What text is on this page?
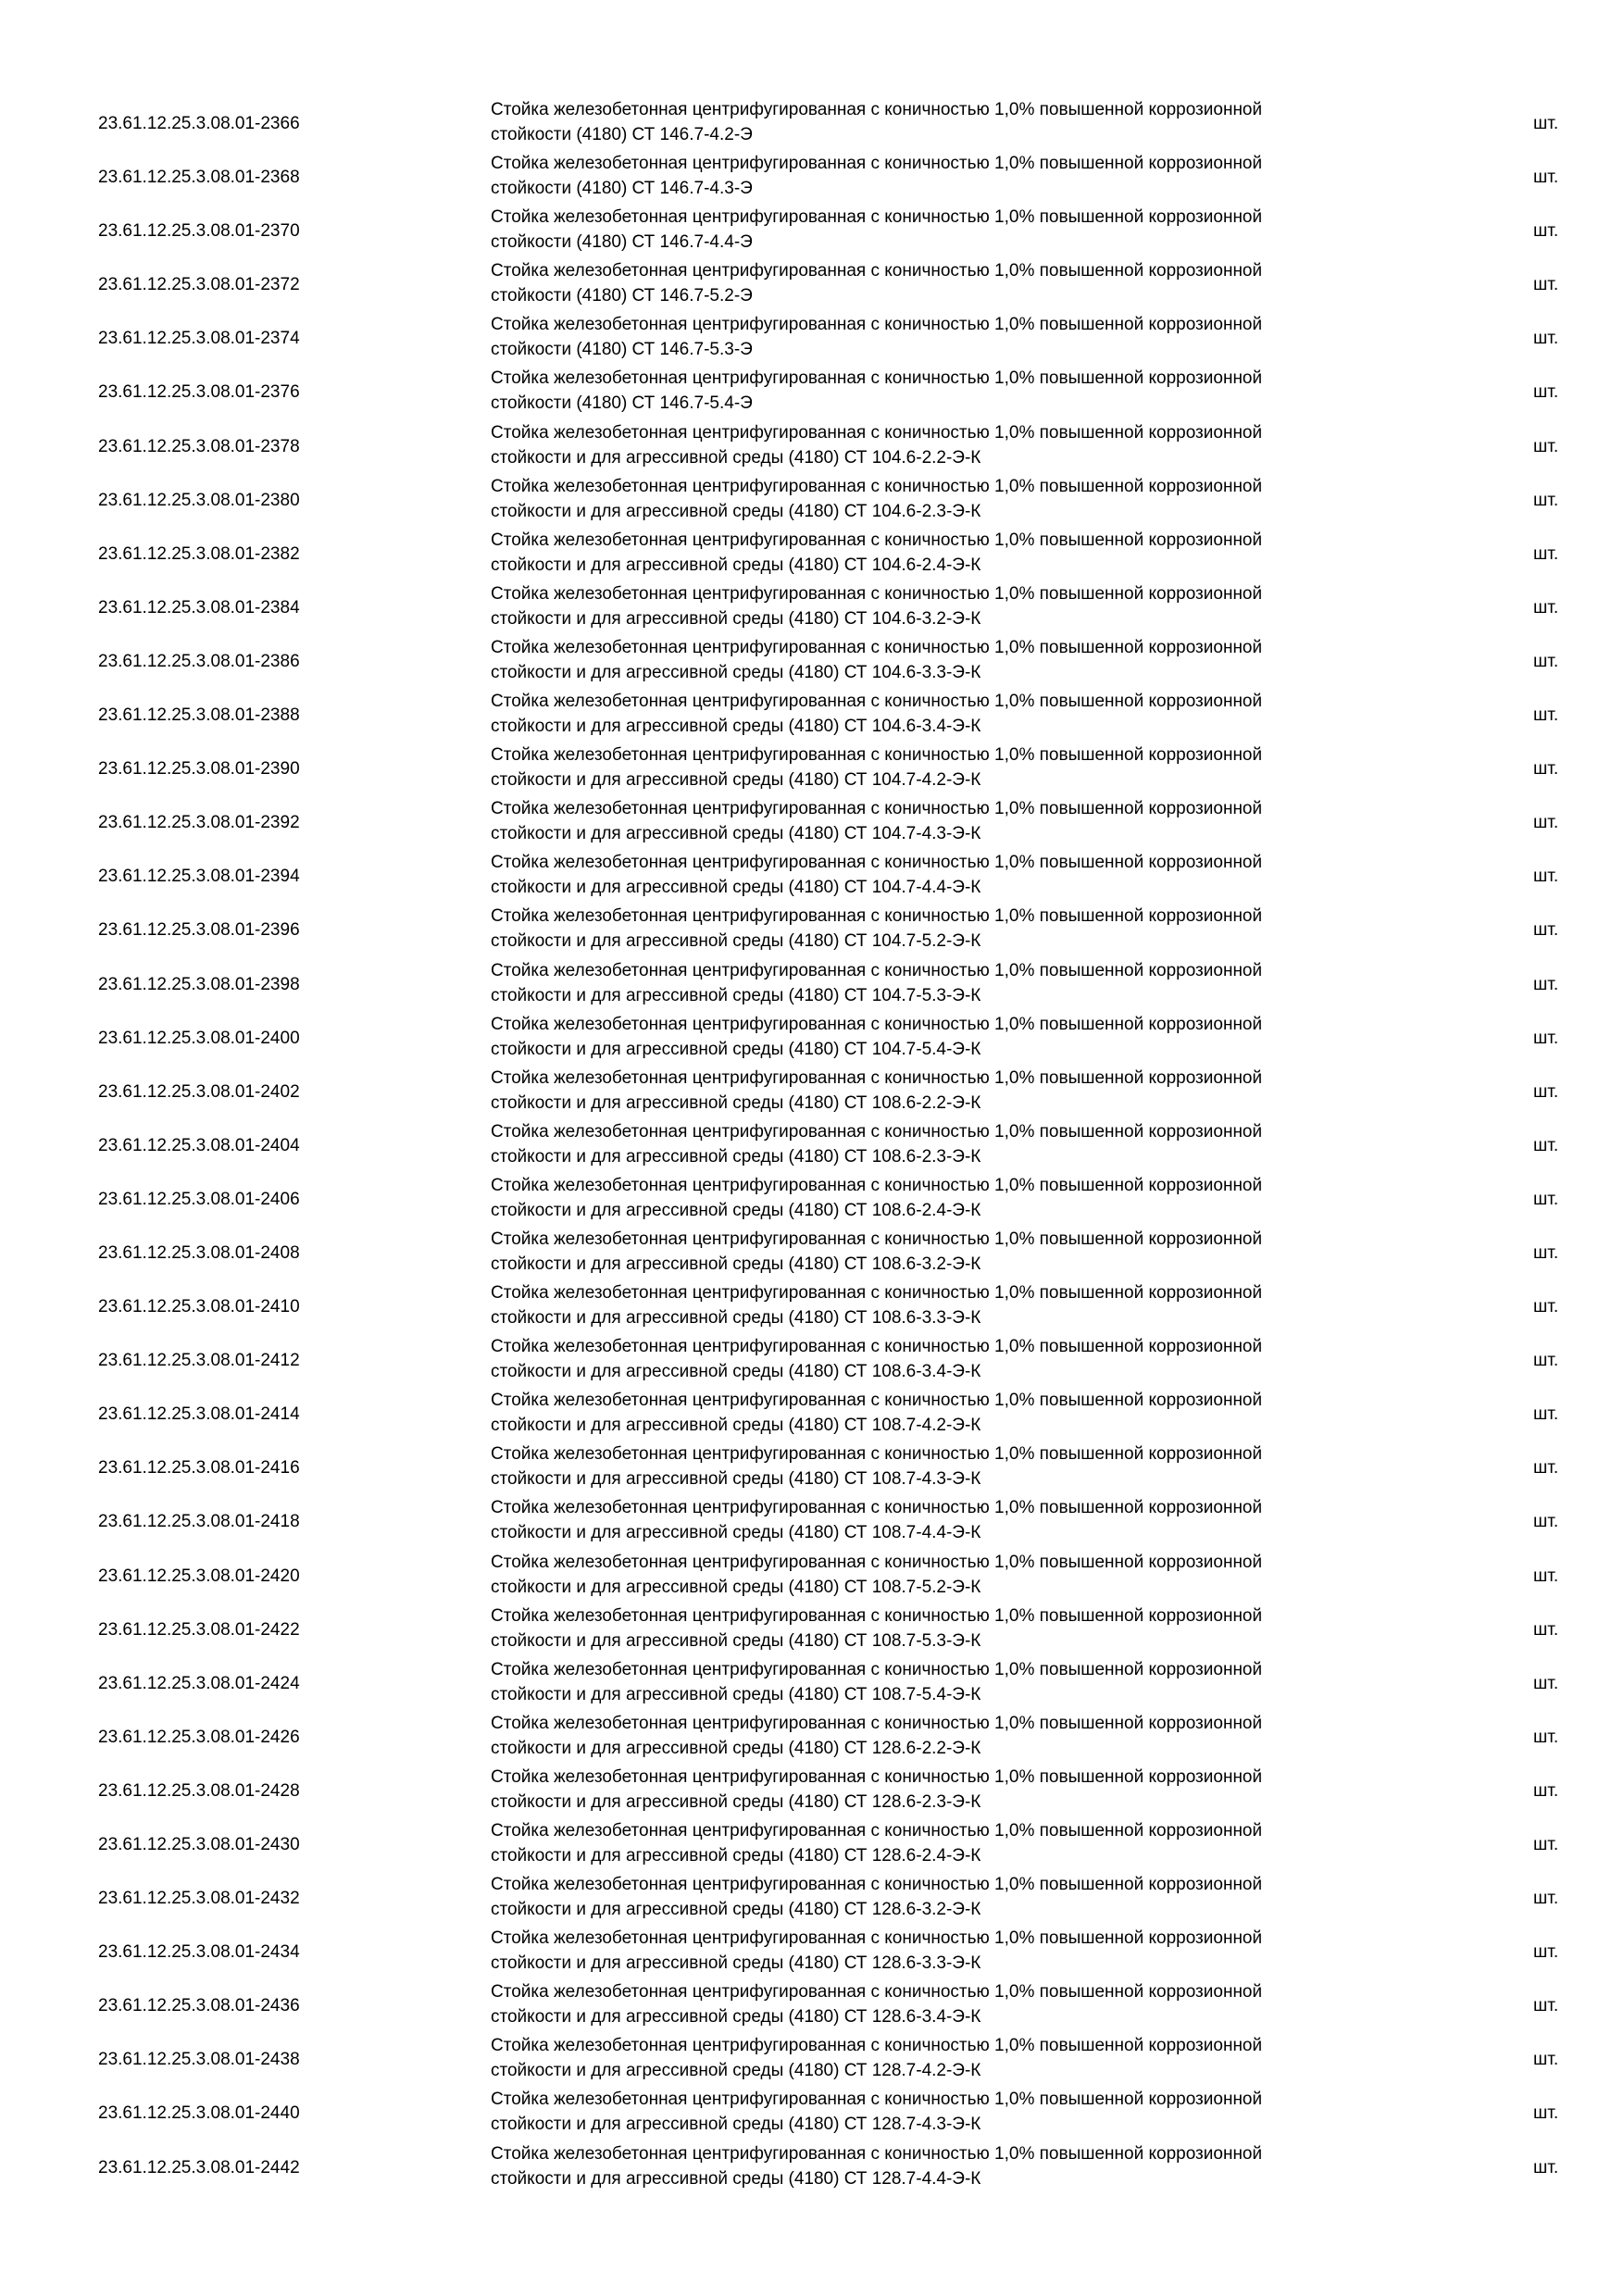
23.61.12.25.3.08.01-2366
Стойка железобетонная центрифугированная с коничностью 1,0% повышенной коррозионной
стойкости (4180) СТ 146.7-4.2-Э
шт.
23.61.12.25.3.08.01-2368
Стойка железобетонная центрифугированная с коничностью 1,0% повышенной коррозионной
стойкости (4180) СТ 146.7-4.3-Э
шт.
23.61.12.25.3.08.01-2370
Стойка железобетонная центрифугированная с коничностью 1,0% повышенной коррозионной
стойкости (4180) СТ 146.7-4.4-Э
шт.
23.61.12.25.3.08.01-2372
Стойка железобетонная центрифугированная с коничностью 1,0% повышенной коррозионной
стойкости (4180) СТ 146.7-5.2-Э
шт.
23.61.12.25.3.08.01-2374
Стойка железобетонная центрифугированная с коничностью 1,0% повышенной коррозионной
стойкости (4180) СТ 146.7-5.3-Э
шт.
23.61.12.25.3.08.01-2376
Стойка железобетонная центрифугированная с коничностью 1,0% повышенной коррозионной
стойкости (4180) СТ 146.7-5.4-Э
шт.
23.61.12.25.3.08.01-2378
Стойка железобетонная центрифугированная с коничностью 1,0% повышенной коррозионной
стойкости и для агрессивной среды (4180) СТ 104.6-2.2-Э-К
шт.
23.61.12.25.3.08.01-2380
Стойка железобетонная центрифугированная с коничностью 1,0% повышенной коррозионной
стойкости и для агрессивной среды (4180) СТ 104.6-2.3-Э-К
шт.
23.61.12.25.3.08.01-2382
Стойка железобетонная центрифугированная с коничностью 1,0% повышенной коррозионной
стойкости и для агрессивной среды (4180) СТ 104.6-2.4-Э-К
шт.
23.61.12.25.3.08.01-2384
Стойка железобетонная центрифугированная с коничностью 1,0% повышенной коррозионной
стойкости и для агрессивной среды (4180) СТ 104.6-3.2-Э-К
шт.
23.61.12.25.3.08.01-2386
Стойка железобетонная центрифугированная с коничностью 1,0% повышенной коррозионной
стойкости и для агрессивной среды (4180) СТ 104.6-3.3-Э-К
шт.
23.61.12.25.3.08.01-2388
Стойка железобетонная центрифугированная с коничностью 1,0% повышенной коррозионной
стойкости и для агрессивной среды (4180) СТ 104.6-3.4-Э-К
шт.
23.61.12.25.3.08.01-2390
Стойка железобетонная центрифугированная с коничностью 1,0% повышенной коррозионной
стойкости и для агрессивной среды (4180) СТ 104.7-4.2-Э-К
шт.
23.61.12.25.3.08.01-2392
Стойка железобетонная центрифугированная с коничностью 1,0% повышенной коррозионной
стойкости и для агрессивной среды (4180) СТ 104.7-4.3-Э-К
шт.
23.61.12.25.3.08.01-2394
Стойка железобетонная центрифугированная с коничностью 1,0% повышенной коррозионной
стойкости и для агрессивной среды (4180) СТ 104.7-4.4-Э-К
шт.
23.61.12.25.3.08.01-2396
Стойка железобетонная центрифугированная с коничностью 1,0% повышенной коррозионной
стойкости и для агрессивной среды (4180) СТ 104.7-5.2-Э-К
шт.
23.61.12.25.3.08.01-2398
Стойка железобетонная центрифугированная с коничностью 1,0% повышенной коррозионной
стойкости и для агрессивной среды (4180) СТ 104.7-5.3-Э-К
шт.
23.61.12.25.3.08.01-2400
Стойка железобетонная центрифугированная с коничностью 1,0% повышенной коррозионной
стойкости и для агрессивной среды (4180) СТ 104.7-5.4-Э-К
шт.
23.61.12.25.3.08.01-2402
Стойка железобетонная центрифугированная с коничностью 1,0% повышенной коррозионной
стойкости и для агрессивной среды (4180) СТ 108.6-2.2-Э-К
шт.
23.61.12.25.3.08.01-2404
Стойка железобетонная центрифугированная с коничностью 1,0% повышенной коррозионной
стойкости и для агрессивной среды (4180) СТ 108.6-2.3-Э-К
шт.
23.61.12.25.3.08.01-2406
Стойка железобетонная центрифугированная с коничностью 1,0% повышенной коррозионной
стойкости и для агрессивной среды (4180) СТ 108.6-2.4-Э-К
шт.
23.61.12.25.3.08.01-2408
Стойка железобетонная центрифугированная с коничностью 1,0% повышенной коррозионной
стойкости и для агрессивной среды (4180) СТ 108.6-3.2-Э-К
шт.
23.61.12.25.3.08.01-2410
Стойка железобетонная центрифугированная с коничностью 1,0% повышенной коррозионной
стойкости и для агрессивной среды (4180) СТ 108.6-3.3-Э-К
шт.
23.61.12.25.3.08.01-2412
Стойка железобетонная центрифугированная с коничностью 1,0% повышенной коррозионной
стойкости и для агрессивной среды (4180) СТ 108.6-3.4-Э-К
шт.
23.61.12.25.3.08.01-2414
Стойка железобетонная центрифугированная с коничностью 1,0% повышенной коррозионной
стойкости и для агрессивной среды (4180) СТ 108.7-4.2-Э-К
шт.
23.61.12.25.3.08.01-2416
Стойка железобетонная центрифугированная с коничностью 1,0% повышенной коррозионной
стойкости и для агрессивной среды (4180) СТ 108.7-4.3-Э-К
шт.
23.61.12.25.3.08.01-2418
Стойка железобетонная центрифугированная с коничностью 1,0% повышенной коррозионной
стойкости и для агрессивной среды (4180) СТ 108.7-4.4-Э-К
шт.
23.61.12.25.3.08.01-2420
Стойка железобетонная центрифугированная с коничностью 1,0% повышенной коррозионной
стойкости и для агрессивной среды (4180) СТ 108.7-5.2-Э-К
шт.
23.61.12.25.3.08.01-2422
Стойка железобетонная центрифугированная с коничностью 1,0% повышенной коррозионной
стойкости и для агрессивной среды (4180) СТ 108.7-5.3-Э-К
шт.
23.61.12.25.3.08.01-2424
Стойка железобетонная центрифугированная с коничностью 1,0% повышенной коррозионной
стойкости и для агрессивной среды (4180) СТ 108.7-5.4-Э-К
шт.
23.61.12.25.3.08.01-2426
Стойка железобетонная центрифугированная с коничностью 1,0% повышенной коррозионной
стойкости и для агрессивной среды (4180) СТ 128.6-2.2-Э-К
шт.
23.61.12.25.3.08.01-2428
Стойка железобетонная центрифугированная с коничностью 1,0% повышенной коррозионной
стойкости и для агрессивной среды (4180) СТ 128.6-2.3-Э-К
шт.
23.61.12.25.3.08.01-2430
Стойка железобетонная центрифугированная с коничностью 1,0% повышенной коррозионной
стойкости и для агрессивной среды (4180) СТ 128.6-2.4-Э-К
шт.
23.61.12.25.3.08.01-2432
Стойка железобетонная центрифугированная с коничностью 1,0% повышенной коррозионной
стойкости и для агрессивной среды (4180) СТ 128.6-3.2-Э-К
шт.
23.61.12.25.3.08.01-2434
Стойка железобетонная центрифугированная с коничностью 1,0% повышенной коррозионной
стойкости и для агрессивной среды (4180) СТ 128.6-3.3-Э-К
шт.
23.61.12.25.3.08.01-2436
Стойка железобетонная центрифугированная с коничностью 1,0% повышенной коррозионной
стойкости и для агрессивной среды (4180) СТ 128.6-3.4-Э-К
шт.
23.61.12.25.3.08.01-2438
Стойка железобетонная центрифугированная с коничностью 1,0% повышенной коррозионной
стойкости и для агрессивной среды (4180) СТ 128.7-4.2-Э-К
шт.
23.61.12.25.3.08.01-2440
Стойка железобетонная центрифугированная с коничностью 1,0% повышенной коррозионной
стойкости и для агрессивной среды (4180) СТ 128.7-4.3-Э-К
шт.
23.61.12.25.3.08.01-2442
Стойка железобетонная центрифугированная с коничностью 1,0% повышенной коррозионной
стойкости и для агрессивной среды (4180) СТ 128.7-4.4-Э-К
шт.
